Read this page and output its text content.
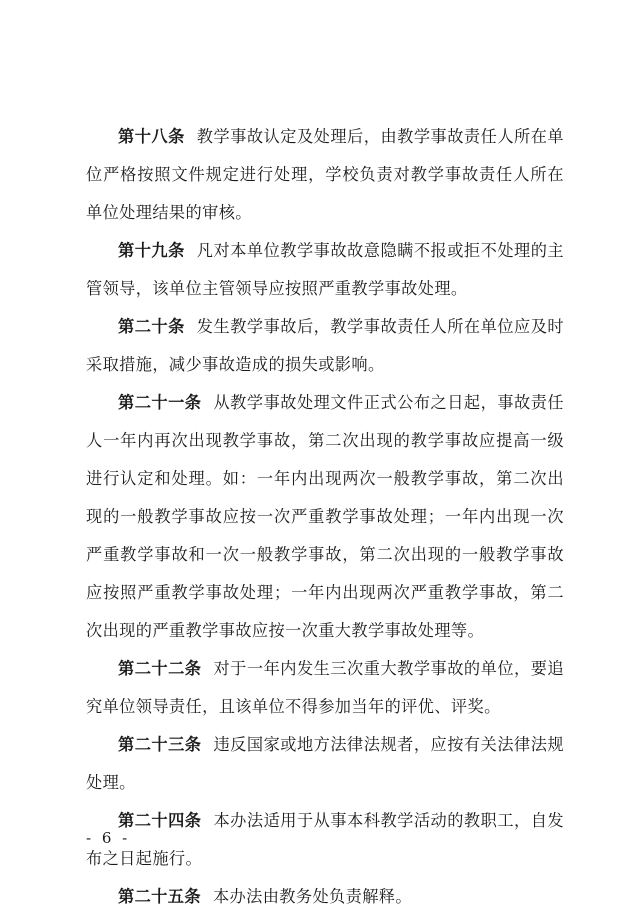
第十八条 教学事故认定及处理后，由教学事故责任人所在单位严格按照文件规定进行处理，学校负责对教学事故责任人所在单位处理结果的审核。

第十九条 凡对本单位教学事故故意隐瞒不报或拒不处理的主管领导，该单位主管领导应按照严重教学事故处理。

第二十条 发生教学事故后，教学事故责任人所在单位应及时采取措施，减少事故造成的损失或影响。

第二十一条 从教学事故处理文件正式公布之日起，事故责任人一年内再次出现教学事故，第二次出现的教学事故应提高一级进行认定和处理。如：一年内出现两次一般教学事故，第二次出现的一般教学事故应按一次严重教学事故处理；一年内出现一次严重教学事故和一次一般教学事故，第二次出现的一般教学事故应按照严重教学事故处理；一年内出现两次严重教学事故，第二次出现的严重教学事故应按一次重大教学事故处理等。

第二十二条 对于一年内发生三次重大教学事故的单位，要追究单位领导责任，且该单位不得参加当年的评优、评奖。

第二十三条 违反国家或地方法律法规者，应按有关法律法规处理。

第二十四条 本办法适用于从事本科教学活动的教职工，自发布之日起施行。

第二十五条 本办法由教务处负责解释。

- 6 -
